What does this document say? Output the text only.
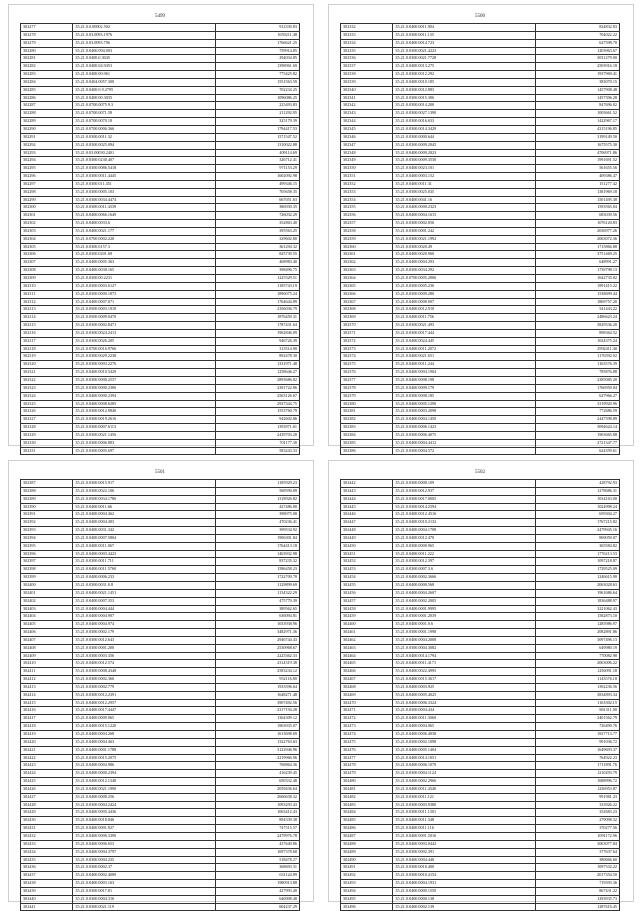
5499
302277	35.21.0.0.00002.502	912330.83
302278	35.21.0.03.0093.1976	1659211.48
302279	35.21.0.03.0093.796	1766621.25
302280	35.21.0.0400.094.003	759914.85
302281	35.21.0.0400.0.3045	294034.85
302282	35.21.0.0400.04.9453	1398961.69
302283	35.21.0.0400.00.061	775425.82
302284	35.21.0.0404.0057.300	1551563.59
302285	35.21.0.0400.0.9.2795	702234.25
302286	35.21.0.0400.00.3035	1096086.25
302287	35.21.0.0700.0075.9.3	225493.83
302288	35.21.0.0700.0071.58	211292.95
302289	35.21.0.0700.0070.18	325179.39
302290	35.21.0.0700.0006.366	1794417.53
302291	35.21.0.0300.0011.32	1571547.52
302292	35.21.0.0300.0025.094	1310022.88
302293	35.21.0.03.00030.2401	409114.69
302294	35.21.0.0300.0230.407	326712.41
302295	35.21.0.0300.0086.5418	971153.29
302296	35.21.0.0300.0011.4445	1602092.98
302297	35.21.0.0300.011.451	499346.15
302298	35.21.0.0300.0005.103	705658.35
302299	35.21.0.0300.0034.4474	667051.63
302300	35.21.0.0300.0011.4339	386930.35
302301	35.21.0.0400.0066.1649	726032.29
302302	35.21.0.0400.0033.6	352863.40
302303	35.21.0.0400.0021.177	395563.25
302304	35.21.0.0700.0002.220	329602.80
302305	35.21.0.0300.0157.3	361294.32
302306	35.21.0.0300.0201.69	825739.55
302307	35.21.0.0400.0005.363	468983.40
302308	35.21.0.0400.0038.165	398496.75
302309	35.21.0.0300.00.2231	1225329.51
302310	35.21.0.0300.0003.6127	1185743.19
302311	35.21.0.0300.0000.1873	1896075.24
302312	35.21.0.0400.0007.071	1764644.89
302313	35.21.0.0500.0003.1910	2356036.79
302314	35.21.0.0500.0009.0470	1876459.31
302315	35.21.0.0300.0002.8471	1787431.64
302316	35.21.0.0300.0024.2413	1962846.09
302317	35.21.0.0300.0026.205	946726.39
302318	35.21.0.0700.0016.9766	313514.90
302319	35.21.0.0300.0029.2238	892478.30
302320	35.21.0.0300.0003.2276	1331971.48
302321	35.21.0.0400.0010.5429	1258646.27
302322	35.21.0.0300.0000.2537	2893686.82
302323	35.21.0.0300.0000.2306	2391722.86
302324	35.21.0.0400.0000.2394	2563126.67
302325	35.21.0.0400.0008.6285	2937344.75
302326	35.21.0.0300.0012.9840	1553760.79
302327	35.21.0.0300.0019.2616	942602.86
302328	35.21.0.0300.0007.6113	1393971.61
302329	35.21.0.0300.0021.1456	2439703.20
302330	35.21.0.0300.0006.883	701177.30
302331	35.21.0.0300.0005.697	583243.33
5500
302332	35.21.0.0400.0011.904	824832.83
302333	35.21.0.0300.0011.135	704022.22
302334	35.21.0.0400.0014.723	627598.70
302335	35.21.0.0300.0021.4223	1203963.67
302336	35.21.0.0300.0021.7728	3031279.00
302337	35.21.0.0400.0013.275	2503916.18
302338	35.21.0.0300.0012.292	1937969.41
302339	35.21.0.0400.0010.185	383070.15
302340	35.21.0.0300.0012.883	1457908.48
302341	35.21.0.0300.0015.306	1457396.28
302342	35.21.0.0300.0014.200	847696.02
302343	35.21.0.0300.0027.1390	1003661.52
302344	35.21.0.0300.0016.633	1422967.17
302345	35.21.0.0300.0014.3429	4315196.85
302346	35.21.0.0300.0000.644	3199149.50
302347	35.21.0.0300.0009.2045	1675575.30
302348	35.21.0.0400.0009.2023	4706971.86
302349	35.21.0.0300.0009.3530	1991691.52
302350	35.21.0.0400.0023.101	561655.56
302351	35.21.0.0400.0003.152	409386.47
302352	35.21.0.0400.0011.31	151277.42
302353	35.21.0.0300.0025.035	1381969.18
302354	35.21.0.0400.0041.16	1501495.38
302355	35.21.0.0400.0000.2323	1593565.04
302356	35.21.0.0400.0004.1615	683039.56
302357	35.21.0.0300.0002.056	1076120.83
302358	35.21.0.0300.0001.242	2036977.26
302359	35.21.0.0300.0021.1992	2063072.36
302360	35.21.0.0300.0020.49	1715866.88
302361	35.21.0.0400.0020.960	3751469.25
302362	35.21.0.0400.0004.293	648991.27
302363	35.21.0.0300.0034.292	1739798.13
302364	35.21.0.0700.0005.2006	1642735.02
302365	35.21.0.0300.0005.236	1991415.22
302366	35.21.0.0300.0009.280	1538699.44
302367	35.21.0.0400.0008.007	1869757.20
302368	35.21.0.0400.0012.910	541443.22
302369	35.21.0.0400.0011.756	2486623.24
302370	35.21.0.0300.0021.493	3829536.20
302371	35.21.0.0300.0017.444	898364.52
302372	35.21.0.0400.0024.445	1024375.24
302373	35.21.0.0400.0011.2072	2992411.40
302374	35.21.0.0400.0021.651	1176592.02
302375	35.21.0.0400.0011.244	1163576.39
302376	35.21.0.0400.0004.1904	785876.88
302377	35.21.0.0400.0008.198	2385085.20
302378	35.21.0.0400.0009.179	1766950.04
302379	35.21.0.0300.0008.185	627966.27
302380	35.21.0.0400.0005.1290	3319920.96
302381	35.21.0.0300.0003.2098	772686.59
302382	35.21.0.0400.0004.1450	2447598.89
302383	35.21.0.0300.0006.1423	3094624.14
302384	35.21.0.0300.0006.4075	1963665.08
302385	35.21.0.0400.0004.4412	2721347.77
302386	35.21.0.0300.0004.572	624359.61
5501
302387	35.21.0.0300.0015.917	1185929.23
302388	35.21.0.0300.0022.106	568590.09
302389	35.21.0.0500.0034.1786	1318926.82
302390	35.21.0.0400.0011.66	427486.80
302391	35.21.0.0400.0004.462	398075.08
302392	35.21.0.0400.0004.493	470236.41
302393	35.21.0.0400.0031.342	399534.92
302394	35.21.0.0400.0007.5804	1906301.84
302395	35.21.0.0400.0011.067	1764413.18
302396	35.21.0.0400.0003.4423	1463932.98
302397	35.21.0.0300.0011.711	837235.32
302398	35.21.0.0400.0011.5760	1586458.23
302399	35.21.0.0400.0006.233	1722709.78
302400	35.21.0.0300.0031.0.8	1129899.69
302401	35.21.0.0400.0021.1451	1134322.29
302402	35.21.0.0400.0007.353	475779.39
302403	35.21.0.0400.0004.444	389562.65
302404	35.21.0.0400.0004.907	636094.81
302405	35.21.0.0400.0004.974	1033938.96
302406	35.21.0.0300.0002.179	3482971.36
302407	35.21.0.0300.0012.643	2946744.43
302408	35.21.0.0300.0001.200	2530968.67
302409	35.21.0.0300.0003.356	2225362.33
302410	35.21.0.0400.0012.574	2314319.38
302411	35.21.0.0300.0008.4348	2583234.12
302412	35.21.0.0300.0002.366	952116.80
302413	35.21.0.0300.0002.779	1933596.64
302414	35.21.0.0300.0012.2391	1648271.48
302415	35.21.0.0400.0012.2957	3907492.56
302416	35.21.0.0400.0017.4447	2317194.28
302417	35.21.0.0400.0009.065	1364309.12
302418	35.21.0.0400.0015.1220	1963935.07
302419	35.21.0.0400.0004.268	1613698.69
302420	35.21.0.0400.0004.463	1322763.63
302421	35.21.0.0400.0001.1788	3122946.96
302422	35.21.0.0300.0015.2075	2219966.96
302423	35.21.0.0400.0004.986	768864.36
302424	35.21.0.0400.0000.2394	416239.45
302425	35.21.0.0400.0012.1348	650332.48
302426	35.21.0.0400.0021.1990	2059436.64
302427	35.21.0.0400.0000.256	2666638.32
302428	35.21.0.0300.0004.2424	1093293.43
302429	35.21.0.0400.0005.4436	1063412.43
302430	35.21.0.0400.0018.846	894339.38
302431	35.21.0.0400.0001.927	747515.57
302432	35.21.0.0400.0006.3390	2479976.78
302433	35.21.0.0400.0006.653	437640.86
302434	35.21.0.0400.0004.3797	1697378.68
302435	35.21.0.0300.0004.235	518478.27
302436	35.21.0.0300.0002.37	368693.31
302437	35.21.0.0400.0002.4089	631124.89
302438	35.21.0.0400.0003.163	1980913.88
302439	35.21.0.0300.0017.81	427993.40
302440	35.21.0.0300.0004.316	646908.48
302441	35.21.0.0300.0021.119	604237.29
5502
302442	35.21.0.0300.0008.109	428792.93
302443	35.21.0.0300.0012.937	1278686.31
302444	35.21.0.0300.0017.0005	1034163.00
302445	35.21.0.0300.0014.2594	1024998.24
302446	35.21.0.0400.0012.4516	659304.27
302447	35.21.0.0400.0010.2132	1767215.82
302448	35.21.0.0400.0004.1708	2479945.16
302449	35.21.0.0400.0012.470	869059.07
302450	35.21.0.0300.0000.965	365584.82
302451	35.21.0.0400.0011.222	1776213.53
302452	35.21.0.0300.0012.397	1097218.87
302453	35.21.0.0300.0007.3.6	1729525.09
302454	35.21.0.0400.0002.3666	1246615.90
302455	35.21.0.0400.0000.568	2063028.63
302456	35.21.0.0400.0004.2607	1961686.64
302457	35.21.0.0400.0002.2005	1836488.97
302458	35.21.0.0400.0001.9995	3221062.43
302459	35.21.0.0300.0001.2039	1582873.10
302460	35.21.0.0400.0001.0.6	1285986.97
302461	35.21.0.0300.0001.1998	2082891.86
302462	35.21.0.0400.0004.2008	3097496.13
302463	35.21.0.0300.0004.3082	649980.19
302464	35.21.0.0400.0014.1794	770082.98
302465	35.21.0.0400.0011.4171	2063006.22
302466	35.21.0.0400.0022.4995	1256091.18
302467	35.21.0.0400.0015.3617	1143576.18
302468	35.21.0.0400.0003.925	1392236.56
302469	35.21.0.0400.0005.4025	3834893.34
302470	35.21.0.0400.0006.3324	1163302.15
302471	35.21.0.0300.0004.434	861311.00
302472	35.21.0.0400.0011.3060	2401562.79
302473	35.21.0.0400.0004.065	726490.76
302474	35.21.0.0400.0006.4038	1927713.77
302475	35.21.0.0300.0002.1098	991036.72
302476	35.21.0.0400.0005.1404	1649693.37
302477	35.21.0.0400.0014.1051	764922.23
302478	35.21.0.0400.0006.1079	1711891.76
302479	35.21.0.0300.0004.1124	1210293.79
302480	35.21.0.0400.0002.2966	1688996.72
302481	35.21.0.0400.0011.4340	1236953.87
302482	35.21.0.0300.0011.121	991981.23
302483	35.21.0.0300.0003.9380	333926.22
302484	35.21.0.0300.0011.1301	352683.23
302485	35.21.0.0400.0011.348	279098.32
302486	35.21.0.0400.0011.116	370277.56
302487	35.21.0.0400.0001.5016	1091172.96
302488	35.21.0.0400.0003.0442	3063077.84
302489	35.21.0.0300.0002.391	377637.64
302490	35.21.0.0400.0004.440	380666.60
302491	35.21.0.0300.0010.400	1097532.22
302492	35.21.0.0300.0010.4154	2017354.50
302493	35.21.0.0400.0004.1931	719393.36
302494	35.21.0.0400.0000.1550	867431.22
302495	35.21.0.0400.0000.138	1293935.73
302496	35.21.0.0400.0002.139	1287616.45
